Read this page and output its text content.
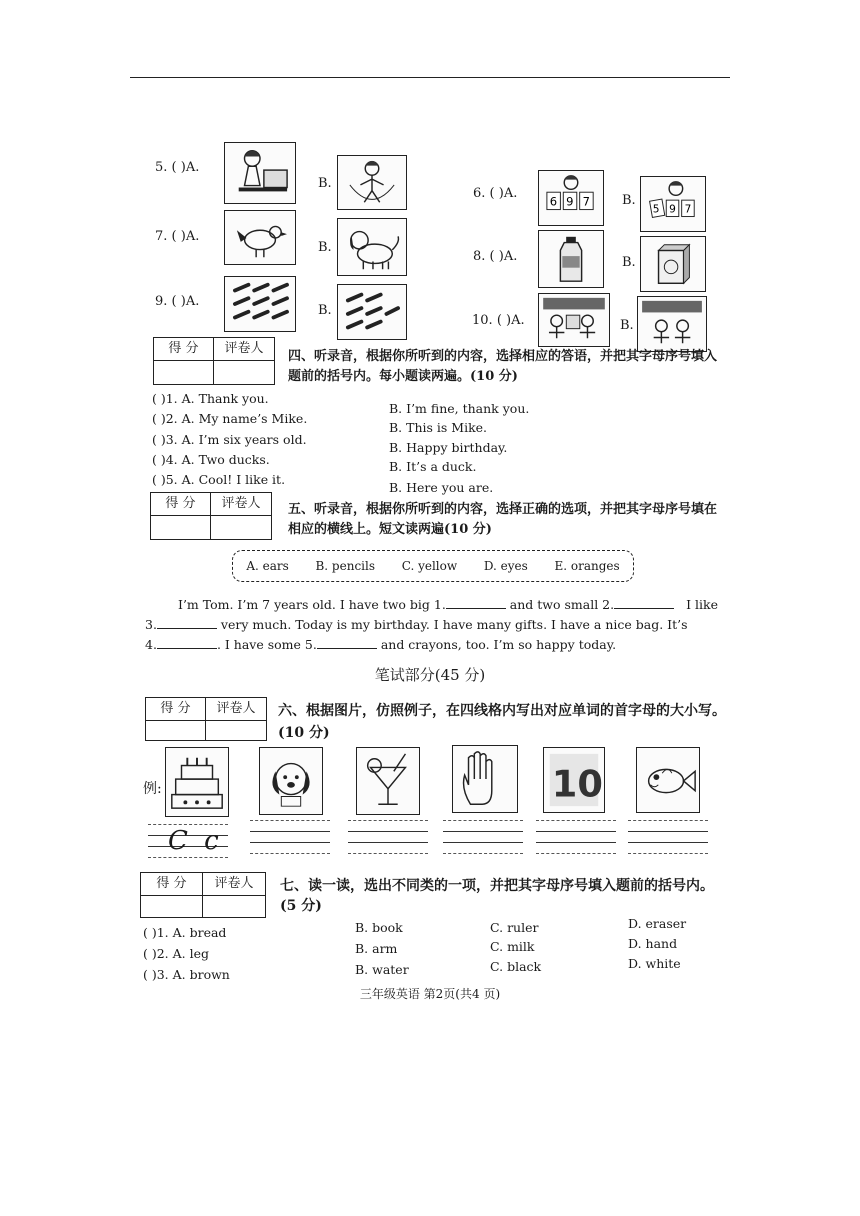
5. ( )A.
B.
6. ( )A.
6 9 7 B.
5 9 7
7. ( )A.
B.
8. ( )A.	B.
9. ( )A.
B.
10. ( )A.	B.
得 分	评卷人
四、听录音，根据你所听到的内容，选择相应的答语，并把其字母序号填入题前的括号内。每小题读两遍。(10 分)
( )1. A. Thank you.
B. I’m fine, thank you.
( )2. A. My name’s Mike.
B. This is Mike.
( )3. A. I’m six years old.
B. Happy birthday.
( )4. A. Two ducks.	B. It’s a duck.
( )5. A. Cool! I like it.
B. Here you are.
得 分	评卷人	五、听录音，根据你所听到的内容，选择正确的选项，并把其字母序号填在相应的横线上。短文读两遍(10 分)
A. ears B. pencils C. yellow D. eyes E. oranges
I’m Tom. I’m 7 years old. I have two big 1.	and two small 2.	I like
3.	very much. Today is my birthday. I have many gifts. I have a nice bag. It’s
4.	. I have some 5.	and crayons, too. I’m so happy today.
笔试部分(45 分)
得 分	评卷人	六、根据图片，仿照例子，在四线格内写出对应单词的首字母的大小写。(10 分)
例:	10
C c
得 分	评卷人	七、读一读，选出不同类的一项，并把其字母序号填入题前的括号内。(5 分)
( )1. A. bread	B. book	C. ruler	D. eraser
( )2. A. leg	B. arm	C. milk	D. hand
( )3. A. brown	B. water	C. black	D. white
三年级英语 第2页(共4 页)
